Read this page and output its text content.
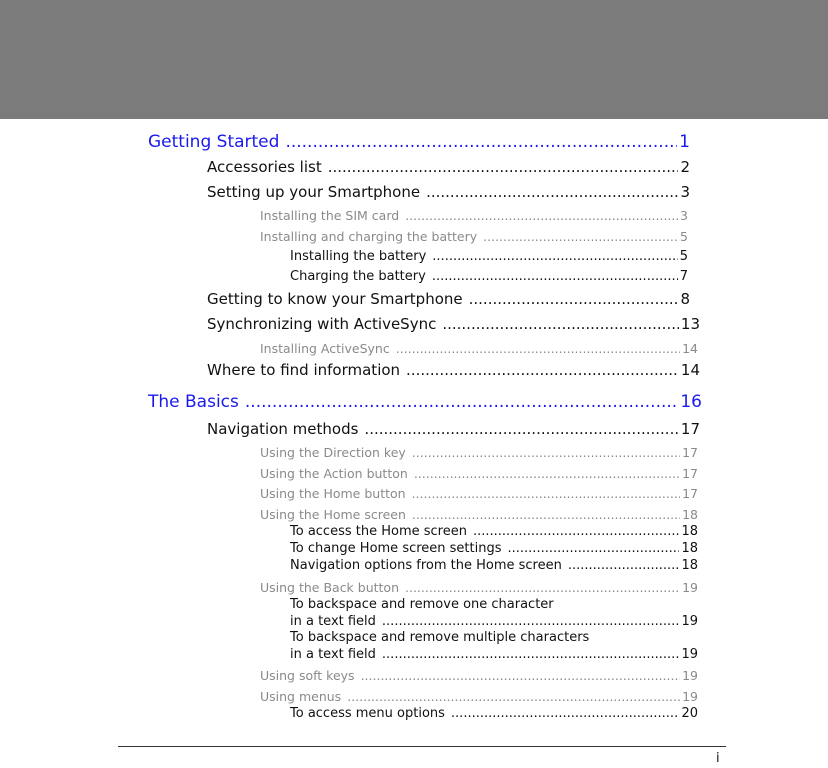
Getting Started .....	1
Accessories list .....	2
Setting up your Smartphone .....	3
Installing the SIM card .....	3
Installing and charging the battery .....	5
Installing the battery .....	5
Charging the battery .....	7
Getting to know your Smartphone .....	8
Synchronizing with ActiveSync .....	13
Installing ActiveSync .....	14
Where to find information .....	14
The Basics .....	16
Navigation methods .....	17
Using the Direction key .....	17
Using the Action button .....	17
Using the Home button .....	17
Using the Home screen .....	18
To access the Home screen .....	18
To change Home screen settings .....	18
Navigation options from the Home screen .....	18
Using the Back button .....	19
To backspace and remove one character
in a text field .....	19
To backspace and remove multiple characters
in a text field .....	19
Using soft keys .....	19
Using menus .....	19
To access menu options .....	20
i
